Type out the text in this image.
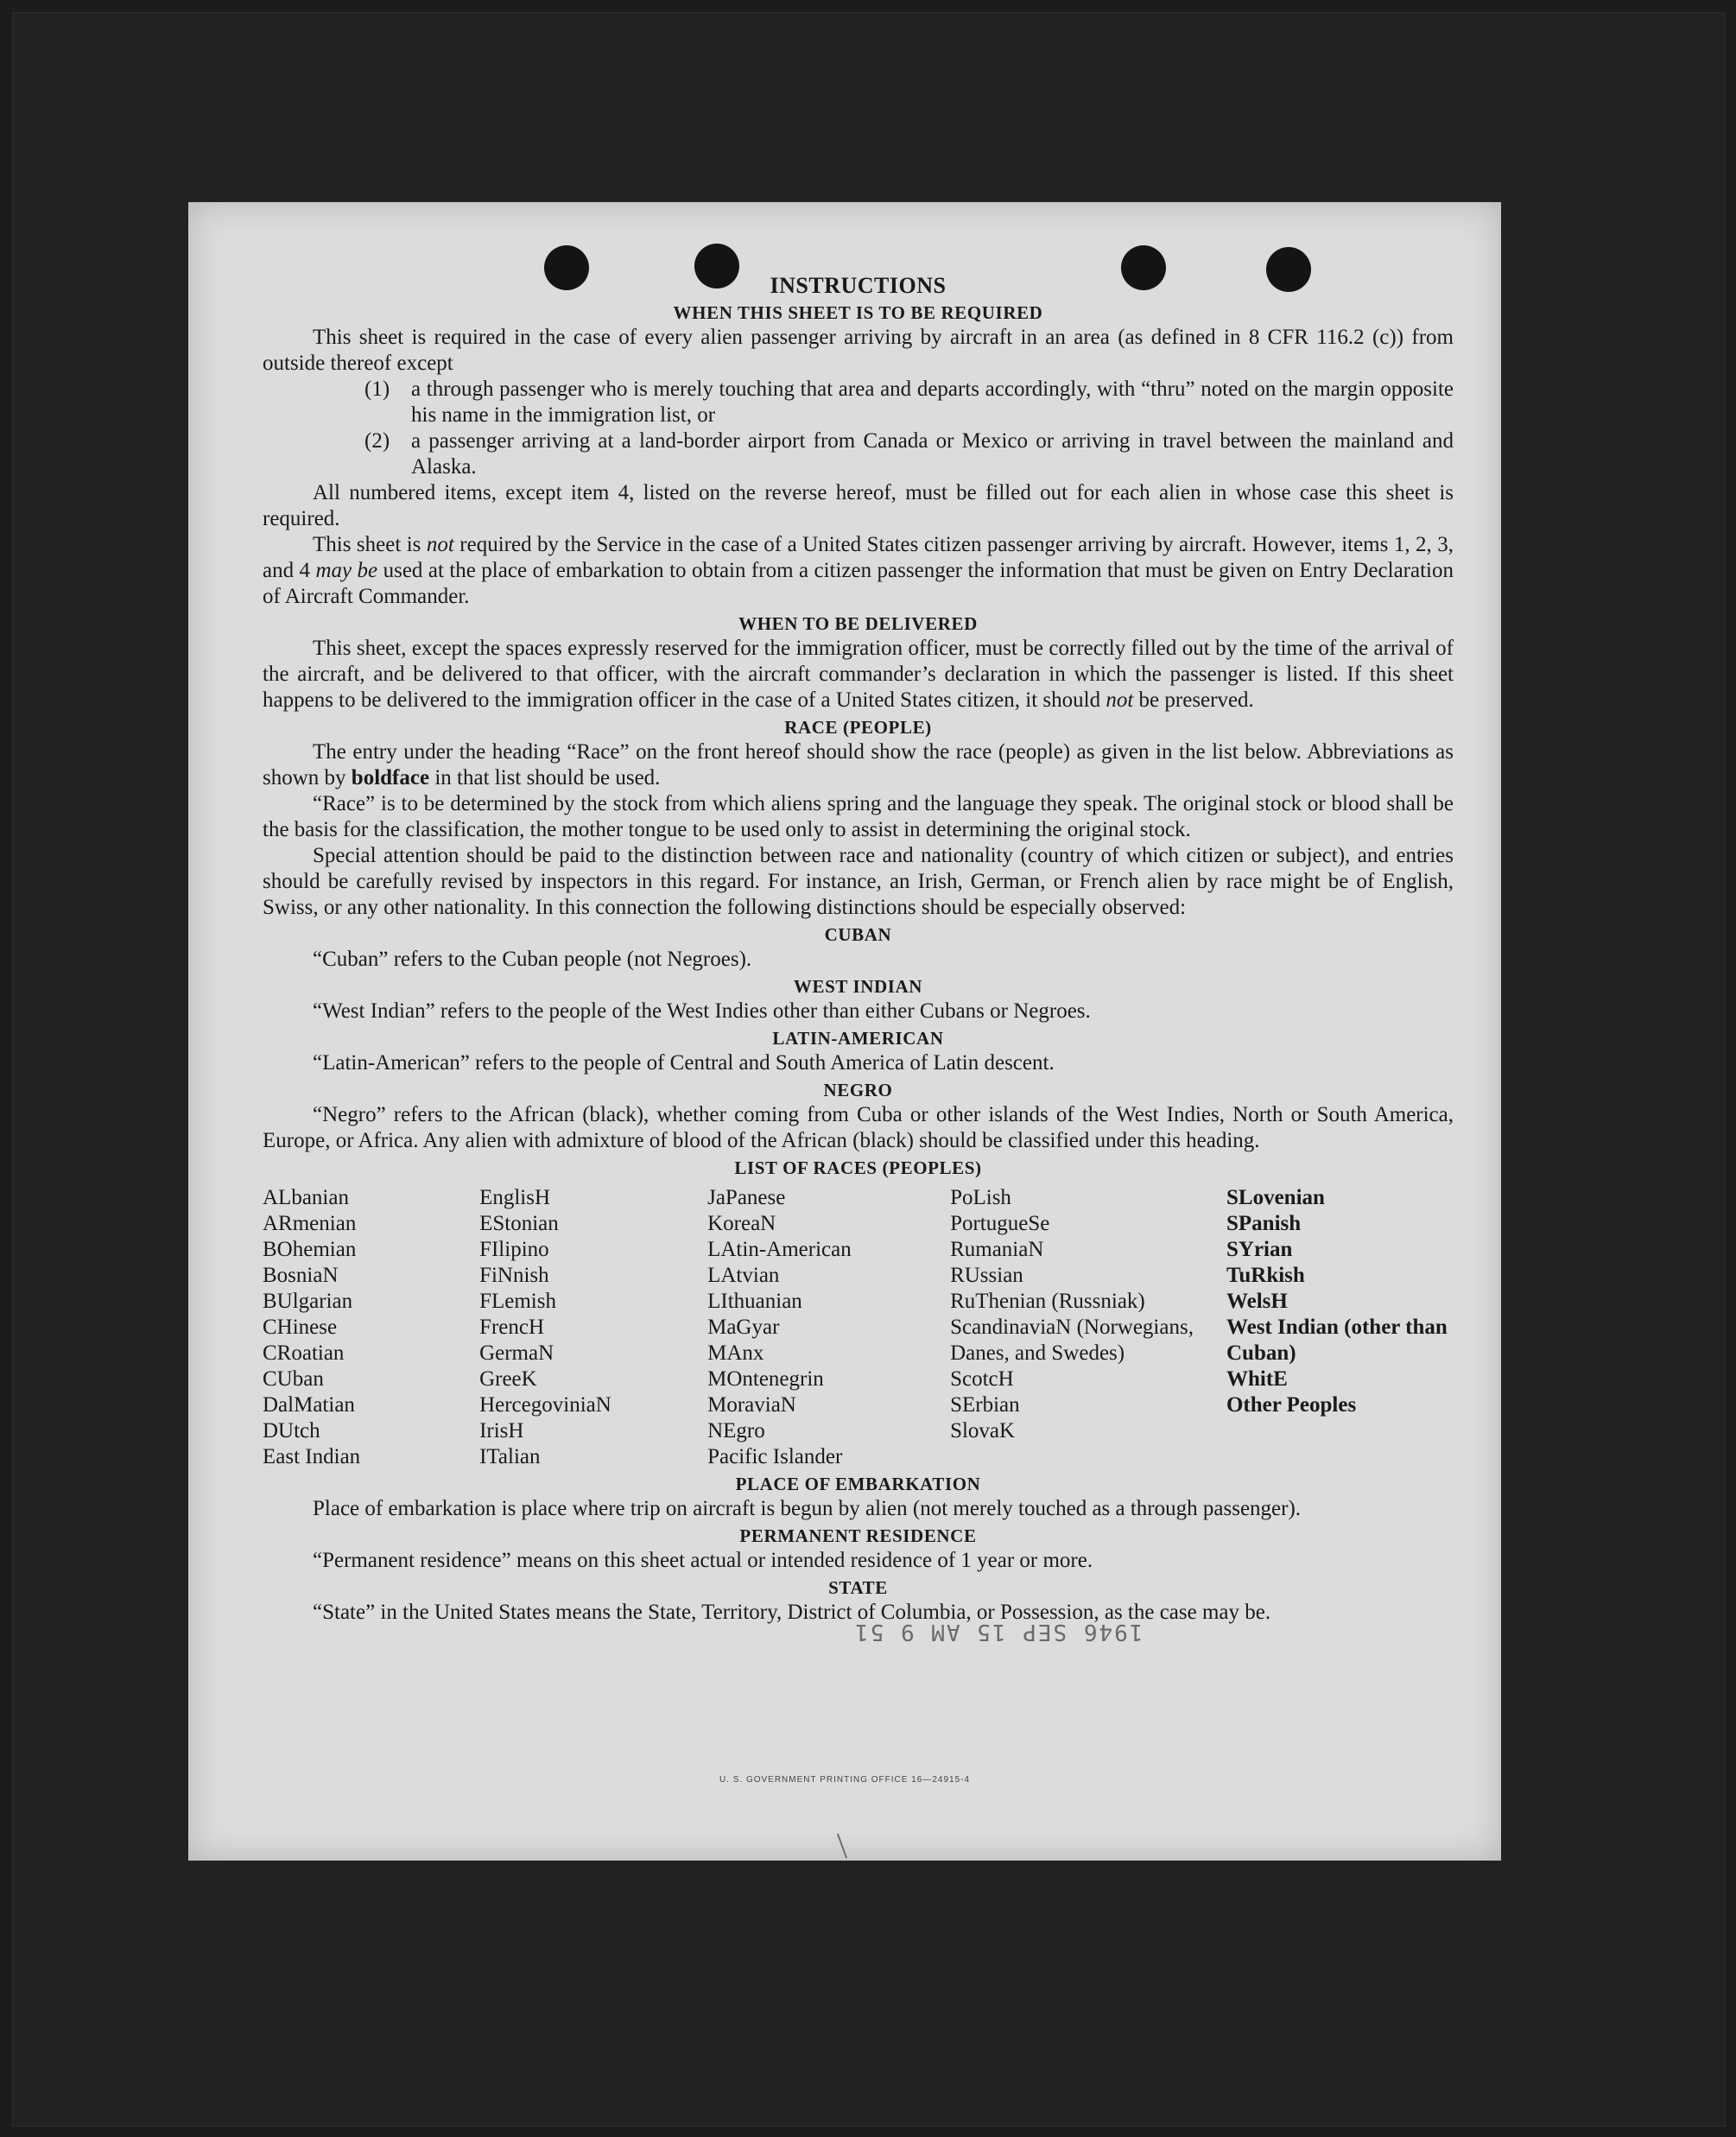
INSTRUCTIONS
WHEN THIS SHEET IS TO BE REQUIRED

This sheet is required in the case of every alien passenger arriving by aircraft in an area (as defined in 8 CFR 116.2 (c)) from outside thereof except

(1) a through passenger who is merely touching that area and departs accordingly, with “thru” noted on the margin opposite his name in the immigration list, or

(2) a passenger arriving at a land-border airport from Canada or Mexico or arriving in travel between the mainland and Alaska.

All numbered items, except item 4, listed on the reverse hereof, must be filled out for each alien in whose case this sheet is required.

This sheet is not required by the Service in the case of a United States citizen passenger arriving by aircraft. However, items 1, 2, 3, and 4 may be used at the place of embarkation to obtain from a citizen passenger the information that must be given on Entry Declaration of Aircraft Commander.

WHEN TO BE DELIVERED

This sheet, except the spaces expressly reserved for the immigration officer, must be correctly filled out by the time of the arrival of the aircraft, and be delivered to that officer, with the aircraft commander’s declaration in which the passenger is listed. If this sheet happens to be delivered to the immigration officer in the case of a United States citizen, it should not be preserved.

RACE (PEOPLE)

The entry under the heading “Race” on the front hereof should show the race (people) as given in the list below. Abbreviations as shown by boldface in that list should be used.

“Race” is to be determined by the stock from which aliens spring and the language they speak. The original stock or blood shall be the basis for the classification, the mother tongue to be used only to assist in determining the original stock.

Special attention should be paid to the distinction between race and nationality (country of which citizen or subject), and entries should be carefully revised by inspectors in this regard. For instance, an Irish, German, or French alien by race might be of English, Swiss, or any other nationality. In this connection the following distinctions should be especially observed:

CUBAN

“Cuban” refers to the Cuban people (not Negroes).

WEST INDIAN

“West Indian” refers to the people of the West Indies other than either Cubans or Negroes.

LATIN-AMERICAN

“Latin-American” refers to the people of Central and South America of Latin descent.

NEGRO

“Negro” refers to the African (black), whether coming from Cuba or other islands of the West Indies, North or South America, Europe, or Africa. Any alien with admixture of blood of the African (black) should be classified under this heading.

LIST OF RACES (PEOPLES)
ALbanian
ARmenian
BOhemian
BosniaN
BUlgarian
CHinese
CRoatian
CUban
DalMatian
DUtch
East Indian
EnglisH
EStonian
FIlipino
FiNnish
FLemish
FrencH
GermaN
GreeK
HercegoviniaN
IrisH
ITalian
JaPanese
KoreaN
LAtin-American
LAtvian
LIthuanian
MaGyar
MAnx
MOntenegrin
MoraviaN
NEgro
Pacific Islander
PoLish
PortugueSe
RumaniaN
RUssian
RuThenian (Russniak)
ScandinaviaN (Norwegians, Danes, and Swedes)
ScotcH
SErbian
SlovaK
SLovenian
SPanish
SYrian
TuRkish
WelsH
West Indian (other than Cuban)
WhitE
Other Peoples
PLACE OF EMBARKATION

Place of embarkation is place where trip on aircraft is begun by alien (not merely touched as a through passenger).

PERMANENT RESIDENCE

“Permanent residence” means on this sheet actual or intended residence of 1 year or more.

STATE

“State” in the United States means the State, Territory, District of Columbia, or Possession, as the case may be.

1946 SEP 15 AM 9 51
U. S. GOVERNMENT PRINTING OFFICE 16—24915-4
